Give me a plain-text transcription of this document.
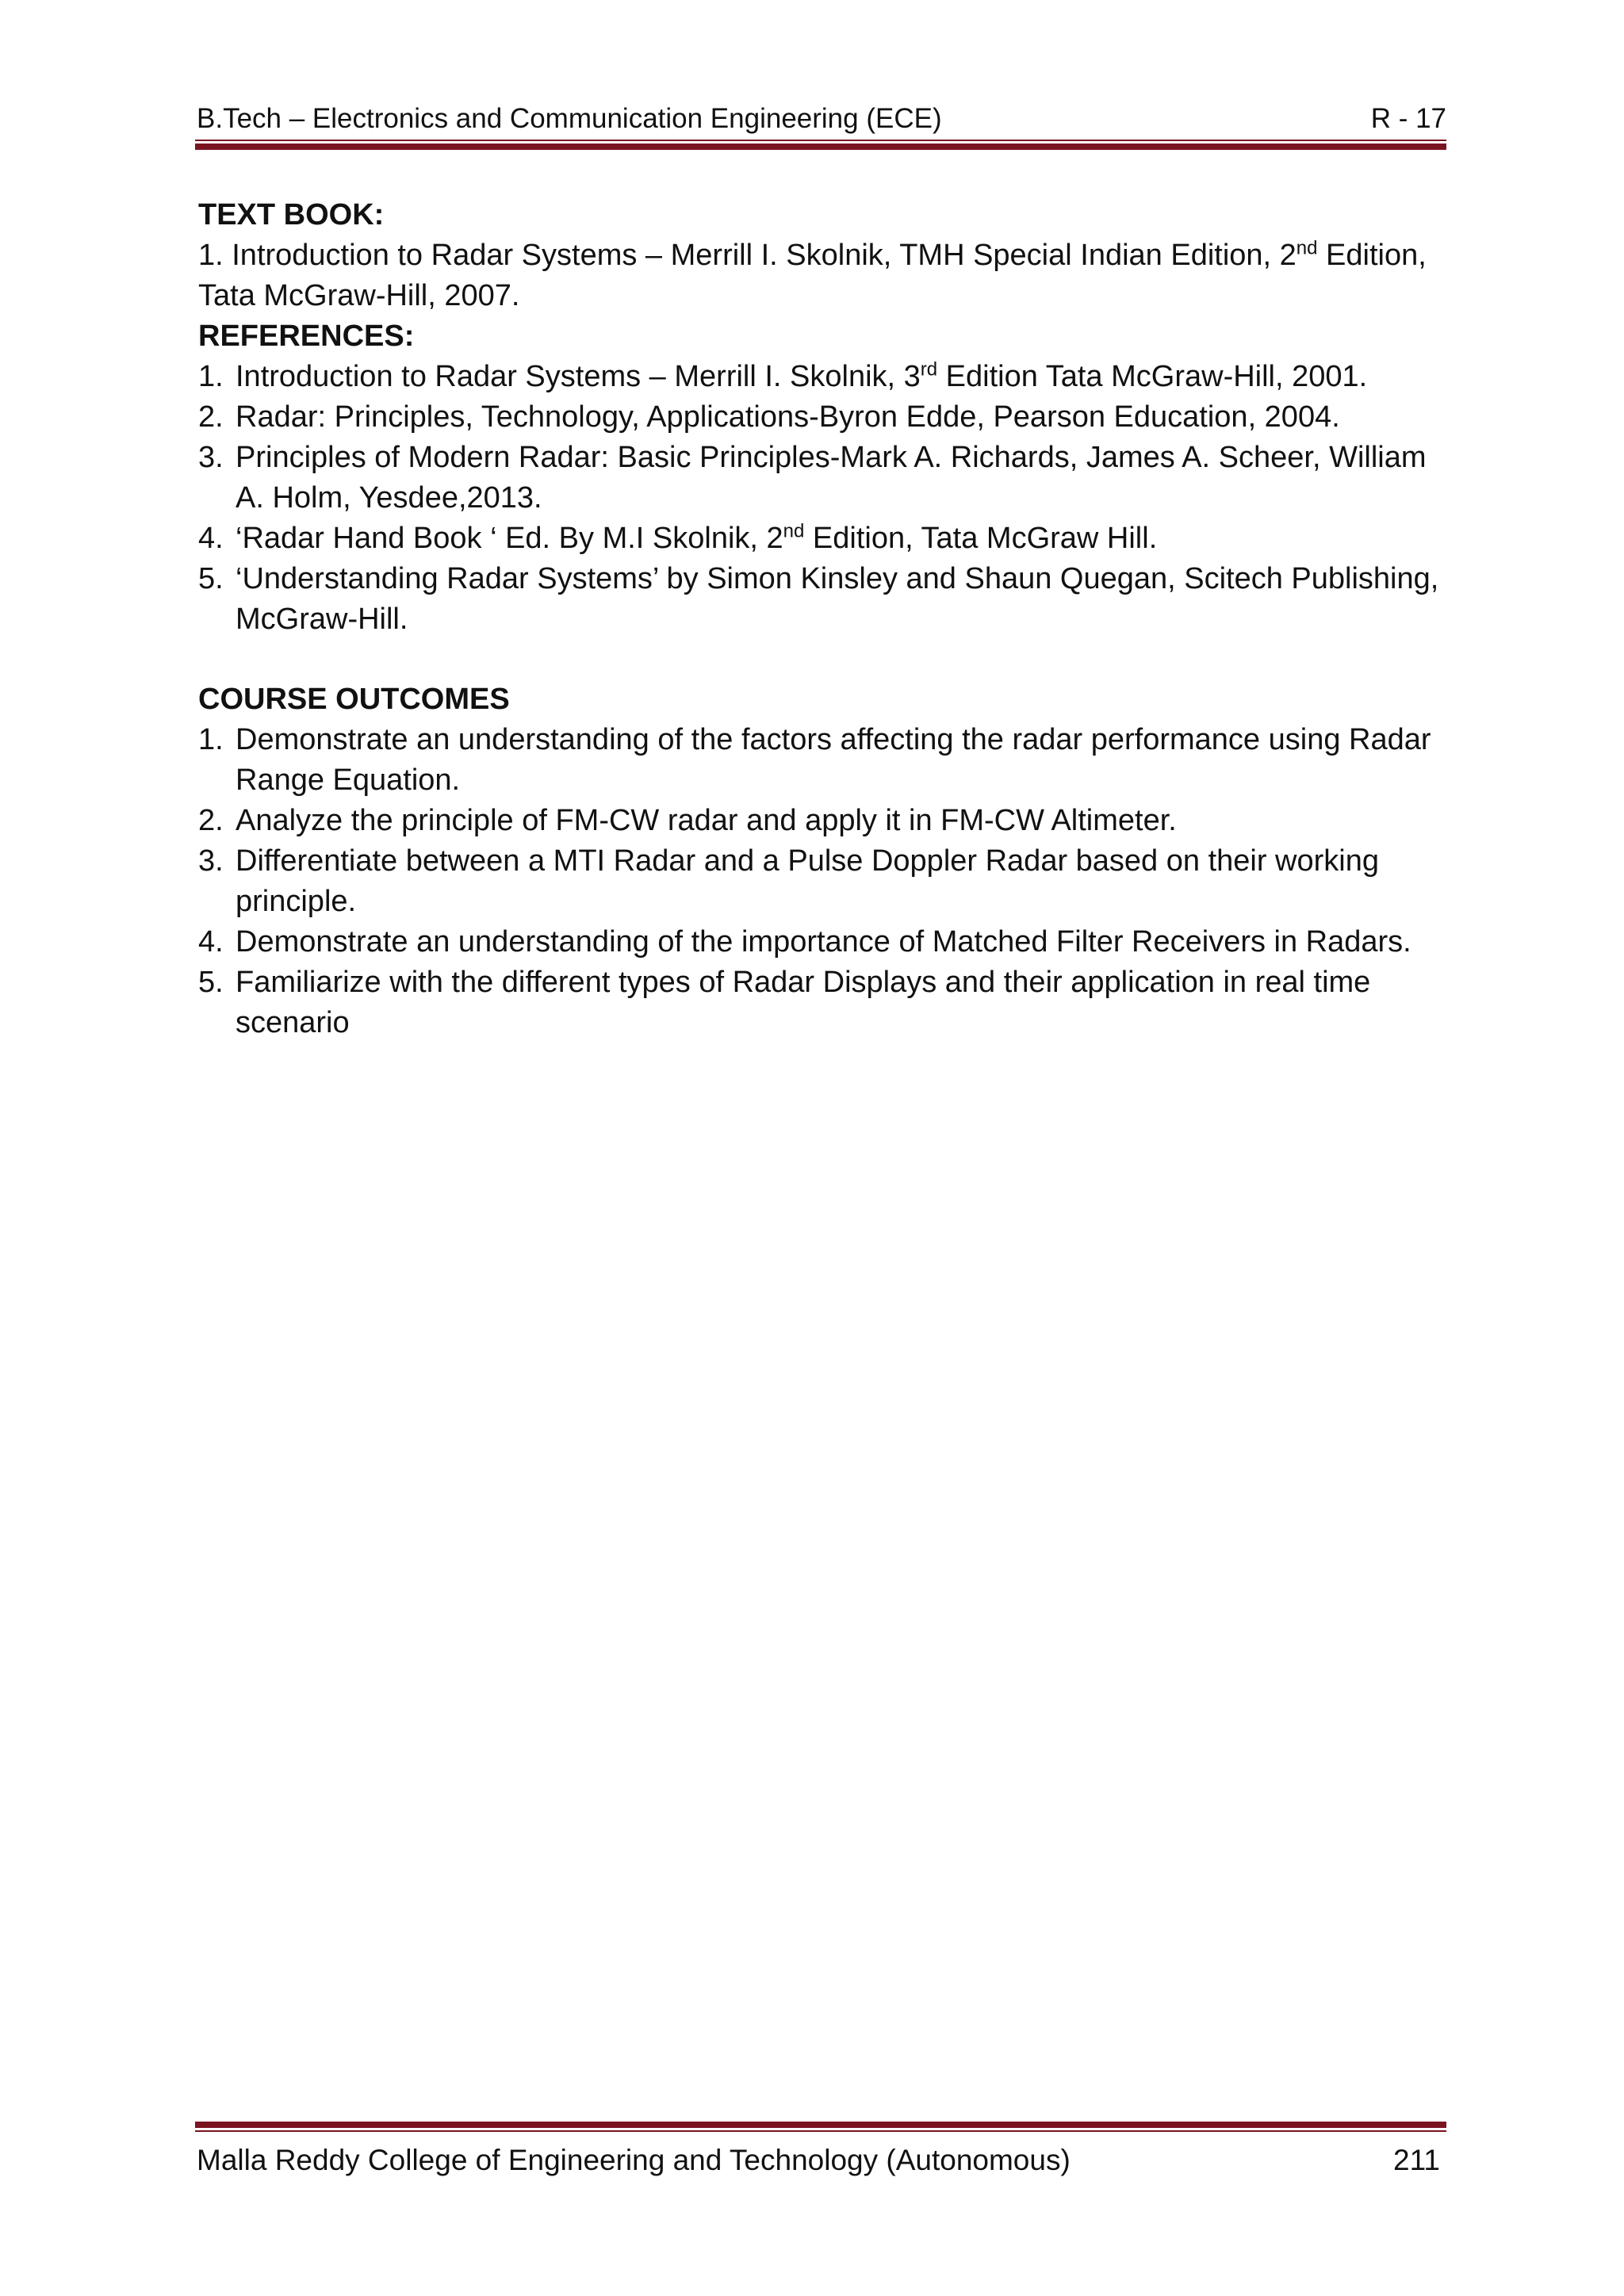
B.Tech – Electronics and Communication Engineering (ECE)	R - 17

TEXT BOOK:

1. Introduction to Radar Systems – Merrill I. Skolnik, TMH Special Indian Edition, 2nd Edition,

Tata McGraw-Hill, 2007.

REFERENCES:

1. Introduction to Radar Systems – Merrill I. Skolnik, 3rd Edition Tata McGraw-Hill, 2001.

2. Radar: Principles, Technology, Applications-Byron Edde, Pearson Education, 2004.

3. Principles of Modern Radar: Basic Principles-Mark A. Richards, James A. Scheer, William A. Holm, Yesdee,2013.

4. ‘Radar Hand Book ‘ Ed. By M.I Skolnik, 2nd Edition, Tata McGraw Hill.

5. ‘Understanding Radar Systems’ by Simon Kinsley and Shaun Quegan, Scitech Publishing, McGraw-Hill.

COURSE OUTCOMES

1. Demonstrate an understanding of the factors affecting the radar performance using Radar Range Equation.

2. Analyze the principle of FM-CW radar and apply it in FM-CW Altimeter.

3. Differentiate between a MTI Radar and a Pulse Doppler Radar based on their working principle.

4. Demonstrate an understanding of the importance of Matched Filter Receivers in Radars.

5. Familiarize with the different types of Radar Displays and their application in real time scenario

Malla Reddy College of Engineering and Technology (Autonomous)	211
